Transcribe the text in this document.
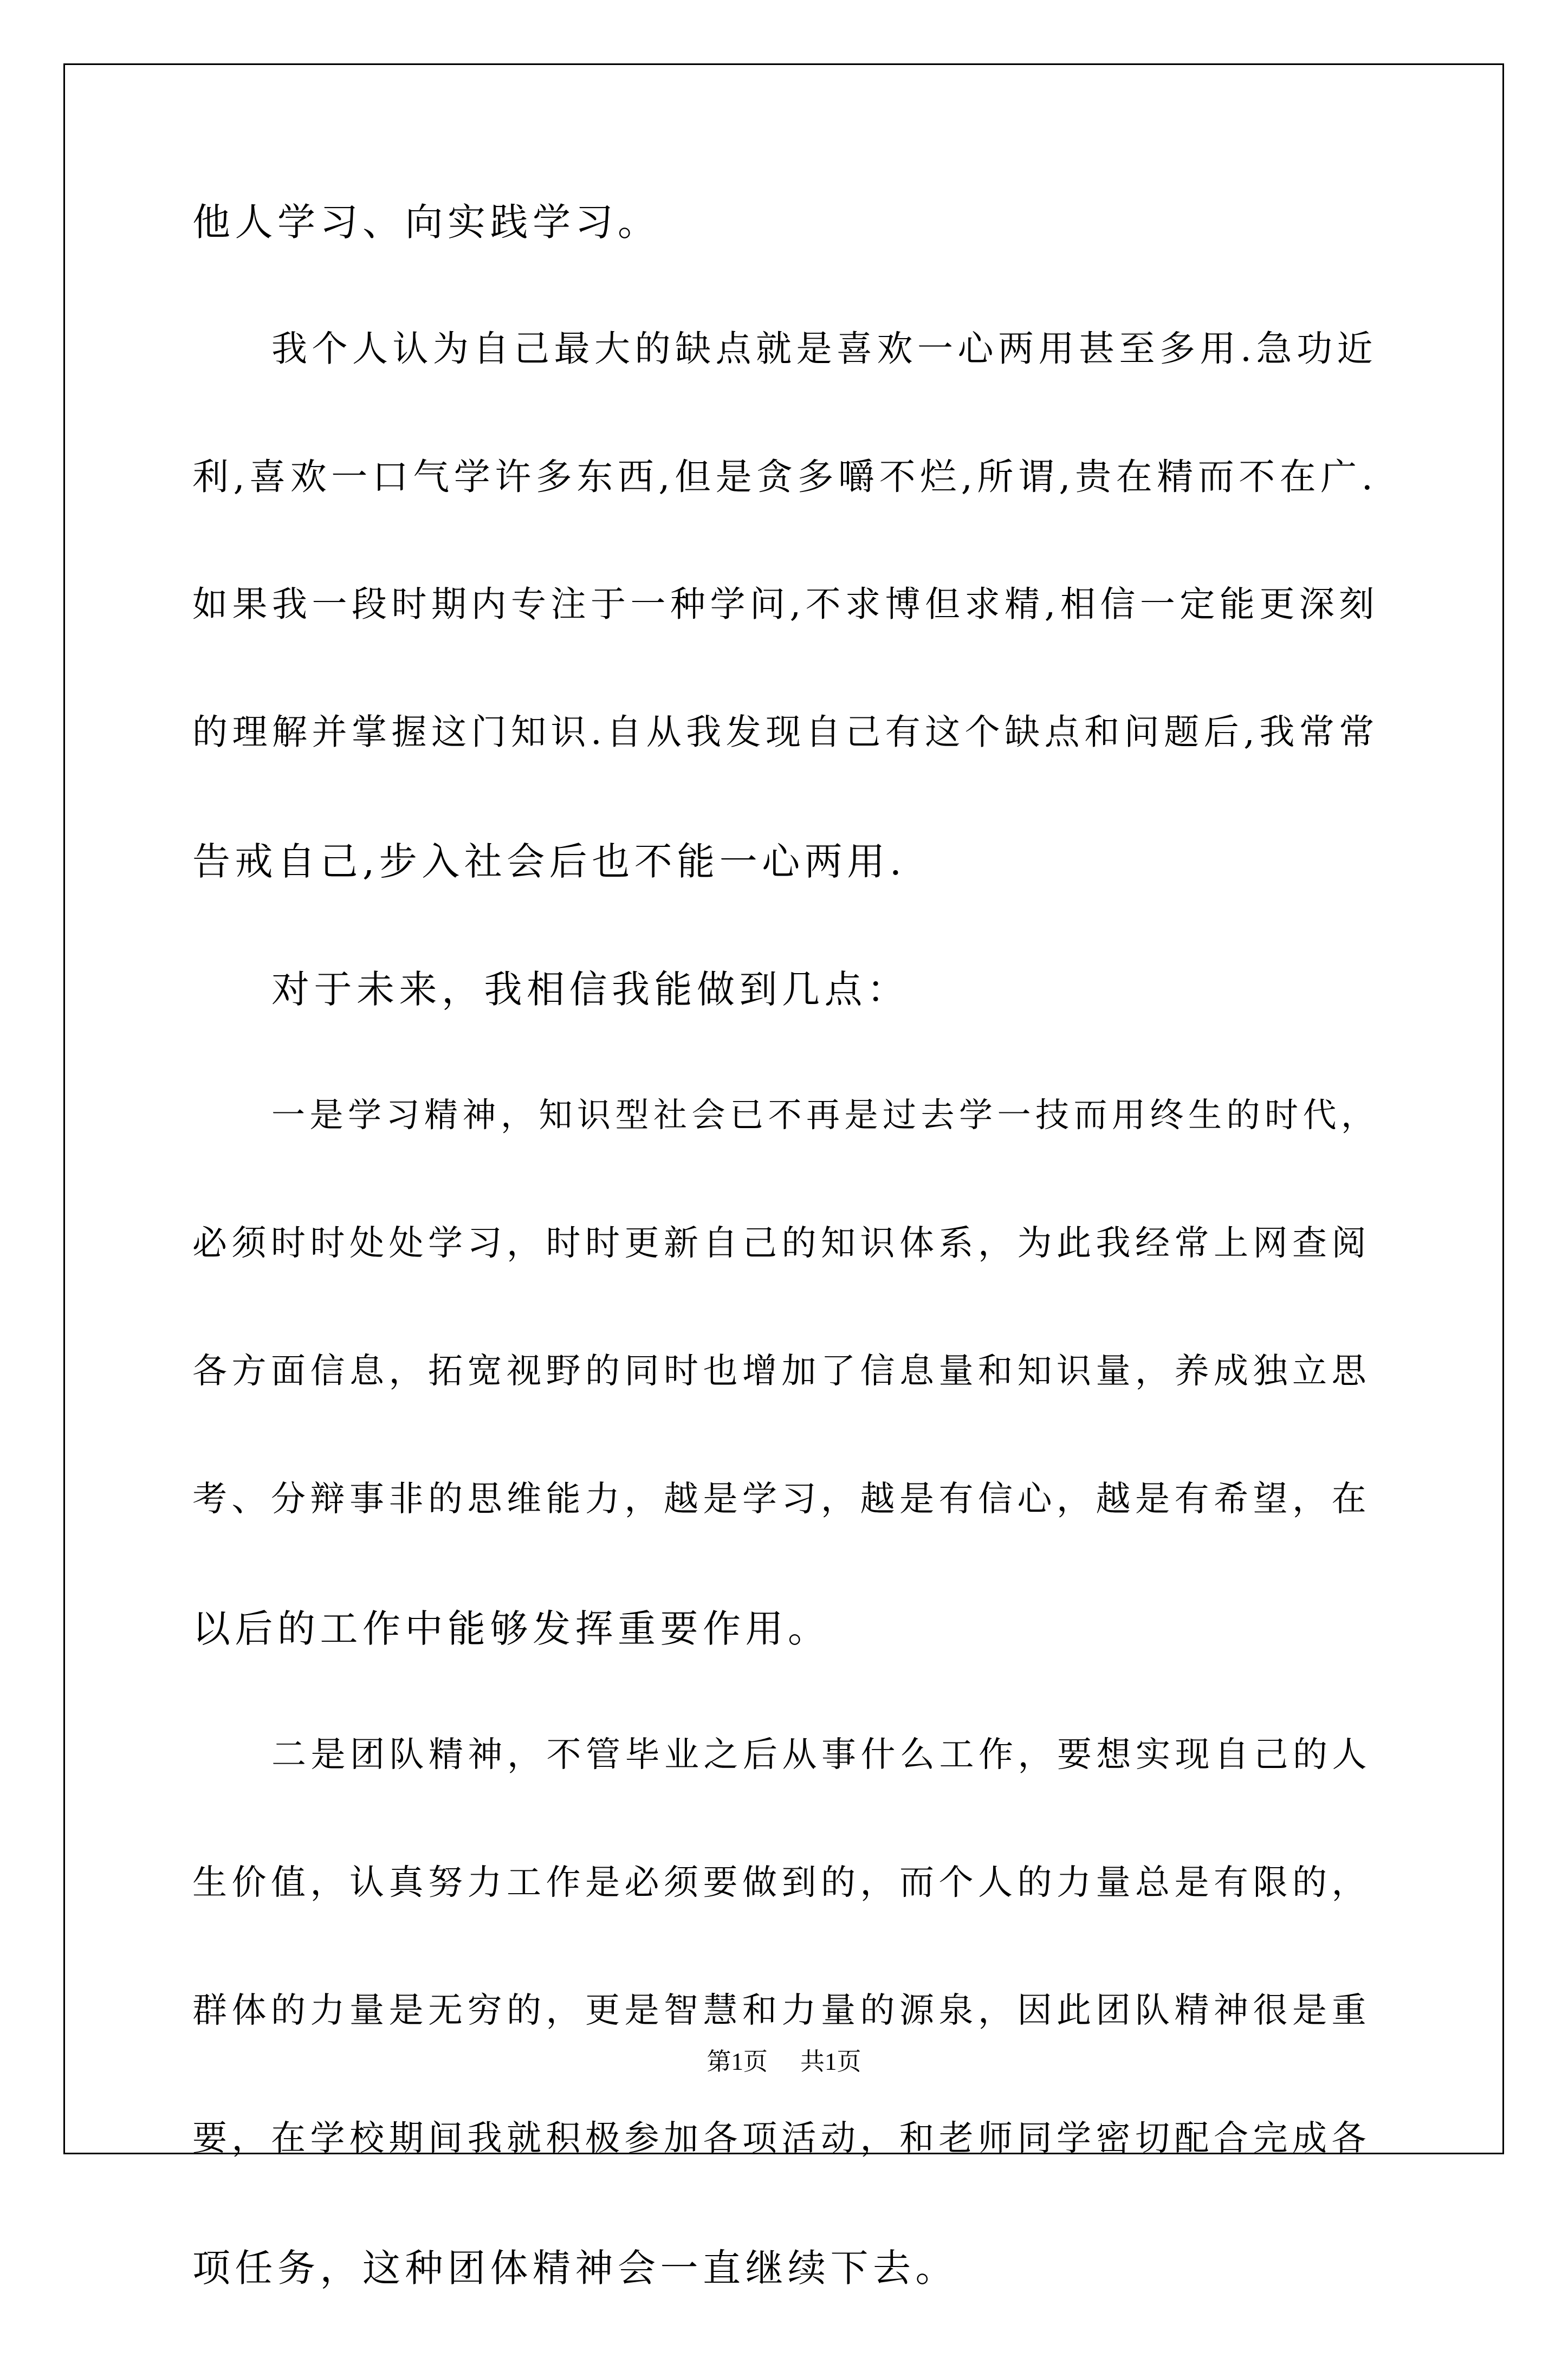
他人学习、向实践学习。
我个人认为自己最大的缺点就是喜欢一心两用甚至多用.急功近
利,喜欢一口气学许多东西,但是贪多嚼不烂,所谓,贵在精而不在广.
如果我一段时期内专注于一种学问,不求博但求精,相信一定能更深刻
的理解并掌握这门知识.自从我发现自己有这个缺点和问题后,我常常
告戒自己,步入社会后也不能一心两用.
对于未来，我相信我能做到几点：
一是学习精神，知识型社会已不再是过去学一技而用终生的时代，
必须时时处处学习，时时更新自己的知识体系，为此我经常上网查阅
各方面信息，拓宽视野的同时也增加了信息量和知识量，养成独立思
考、分辩事非的思维能力，越是学习，越是有信心，越是有希望，在
以后的工作中能够发挥重要作用。
二是团队精神，不管毕业之后从事什么工作，要想实现自己的人
生价值，认真努力工作是必须要做到的，而个人的力量总是有限的，
群体的力量是无穷的，更是智慧和力量的源泉，因此团队精神很是重
要，在学校期间我就积极参加各项活动，和老师同学密切配合完成各
项任务，这种团体精神会一直继续下去。
第1页 共1页
